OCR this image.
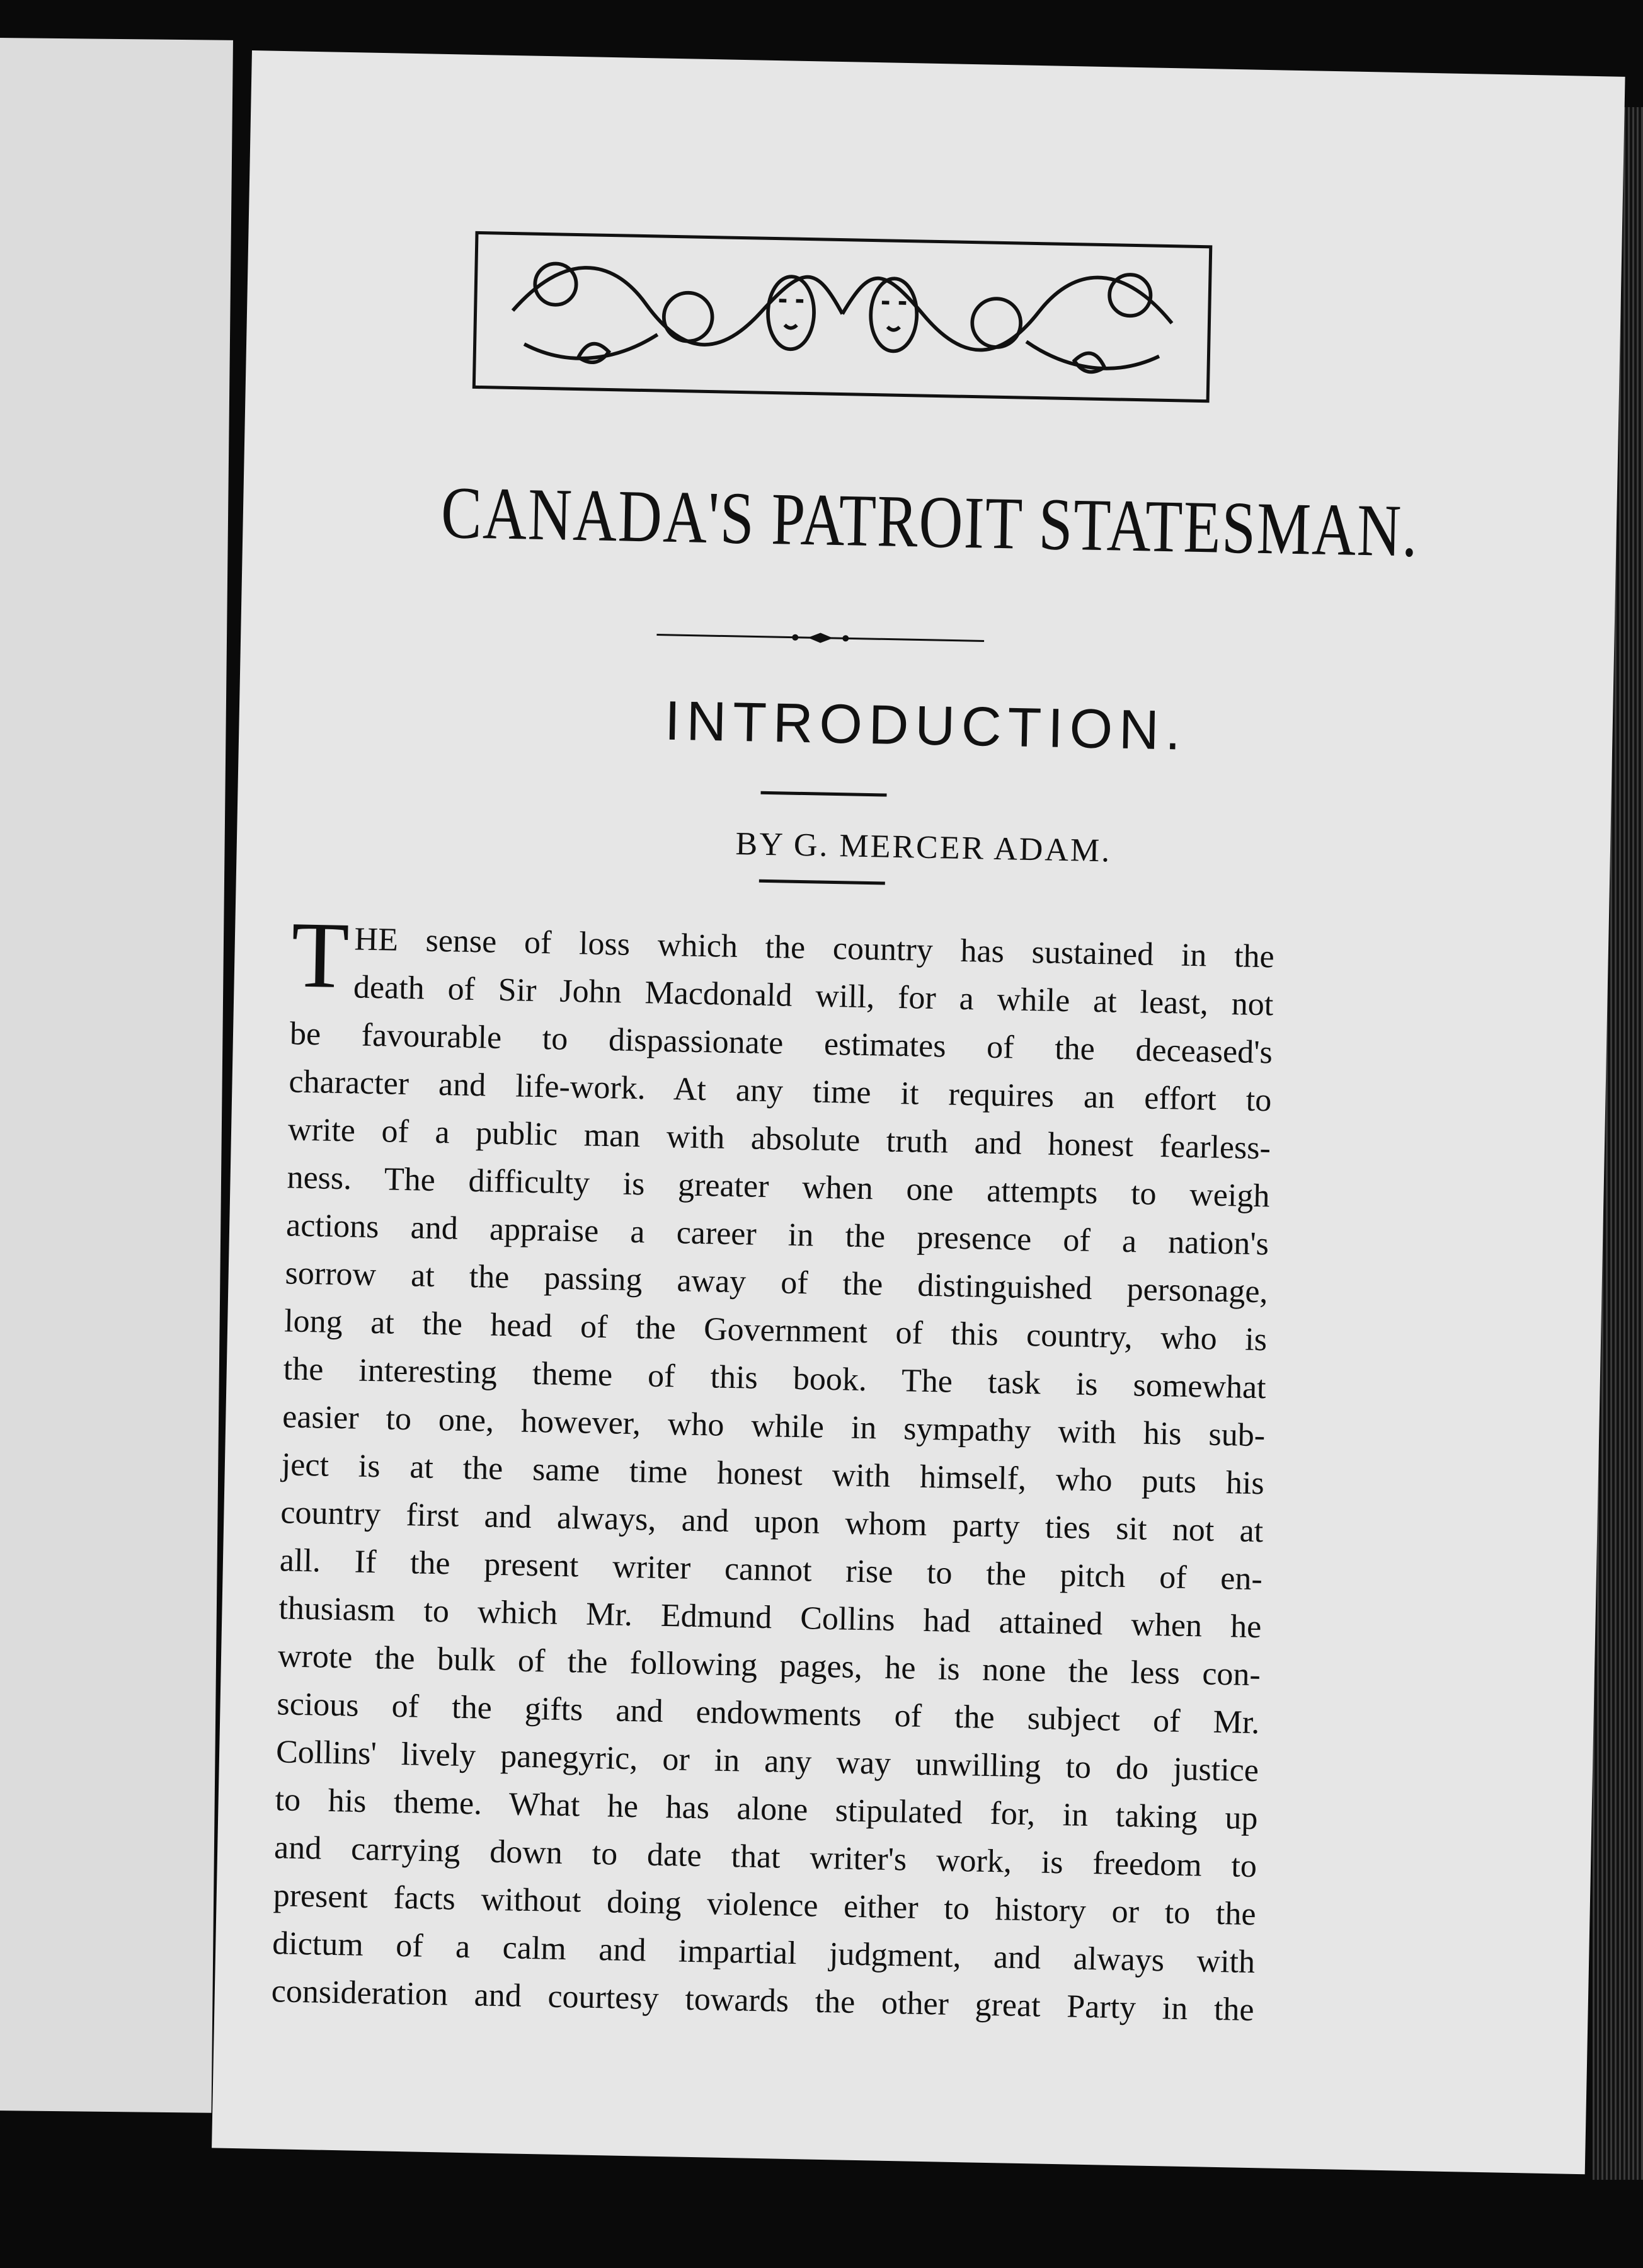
CANADA'S PATROIT STATESMAN.
INTRODUCTION.
BY G. MERCER ADAM.
T HE sense of loss which the country has sustained in the
death of Sir John Macdonald will, for a while at least, not
be favourable to dispassionate estimates of the deceased's
character and life-work. At any time it requires an effort to
write of a public man with absolute truth and honest fearless-
ness. The difficulty is greater when one attempts to weigh
actions and appraise a career in the presence of a nation's
sorrow at the passing away of the distinguished personage,
long at the head of the Government of this country, who is
the interesting theme of this book. The task is somewhat
easier to one, however, who while in sympathy with his sub-
ject is at the same time honest with himself, who puts his
country first and always, and upon whom party ties sit not at
all. If the present writer cannot rise to the pitch of en-
thusiasm to which Mr. Edmund Collins had attained when he
wrote the bulk of the following pages, he is none the less con-
scious of the gifts and endowments of the subject of Mr.
Collins' lively panegyric, or in any way unwilling to do justice
to his theme. What he has alone stipulated for, in taking up
and carrying down to date that writer's work, is freedom to
present facts without doing violence either to history or to the
dictum of a calm and impartial judgment, and always with
consideration and courtesy towards the other great Party in the
